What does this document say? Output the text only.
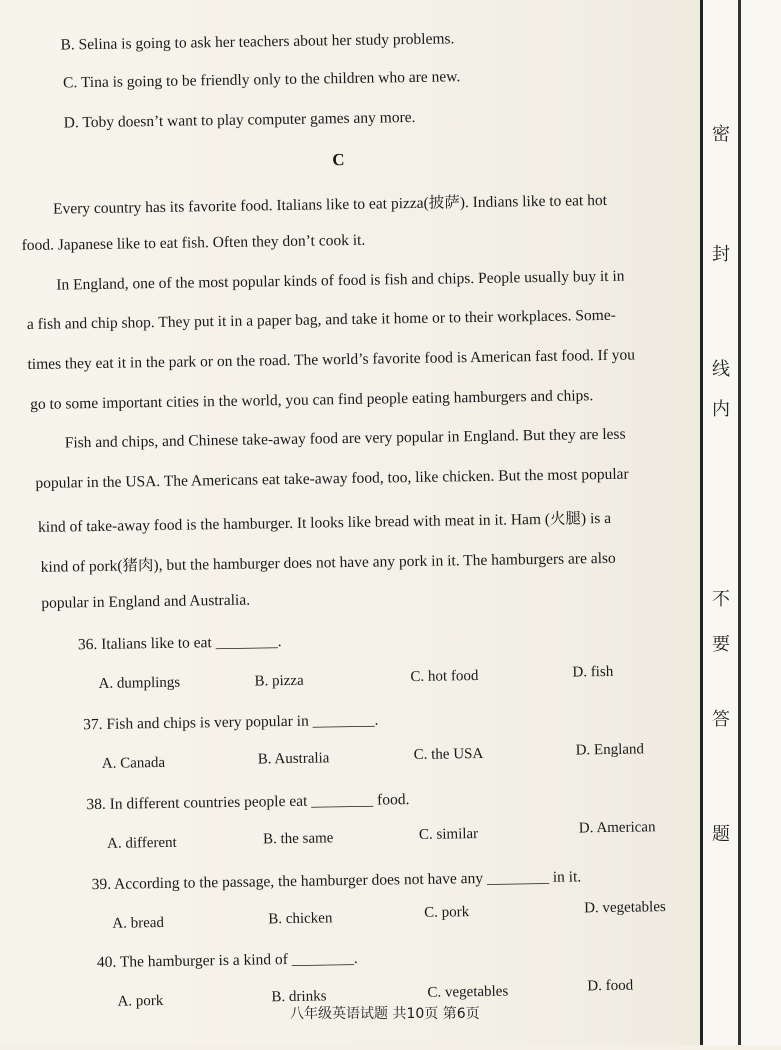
密
封
线
内
不
要
答
题
B. Selina is going to ask her teachers about her study problems.
C. Tina is going to be friendly only to the children who are new.
D. Toby doesn’t want to play computer games any more.
C
Every country has its favorite food. Italians like to eat pizza(披萨). Indians like to eat hot
food. Japanese like to eat fish. Often they don’t cook it.
In England, one of the most popular kinds of food is fish and chips. People usually buy it in
a fish and chip shop. They put it in a paper bag, and take it home or to their workplaces. Some-
times they eat it in the park or on the road. The world’s favorite food is American fast food. If you
go to some important cities in the world, you can find people eating hamburgers and chips.
Fish and chips, and Chinese take-away food are very popular in England. But they are less
popular in the USA. The Americans eat take-away food, too, like chicken. But the most popular
kind of take-away food is the hamburger. It looks like bread with meat in it. Ham (火腿) is a
kind of pork(猪肉), but the hamburger does not have any pork in it. The hamburgers are also
popular in England and Australia.
36. Italians like to eat ________.
A. dumplings	B. pizza	C. hot food	D. fish
37. Fish and chips is very popular in ________.
A. Canada	B. Australia	C. the USA	D. England
38. In different countries people eat ________ food.
A. different	B. the same	C. similar	D. American
39. According to the passage, the hamburger does not have any ________ in it.
A. bread	B. chicken	C. pork	D. vegetables
40. The hamburger is a kind of ________.
A. pork	B. drinks	C. vegetables	D. food
八年级英语试题 共10页 第6页
